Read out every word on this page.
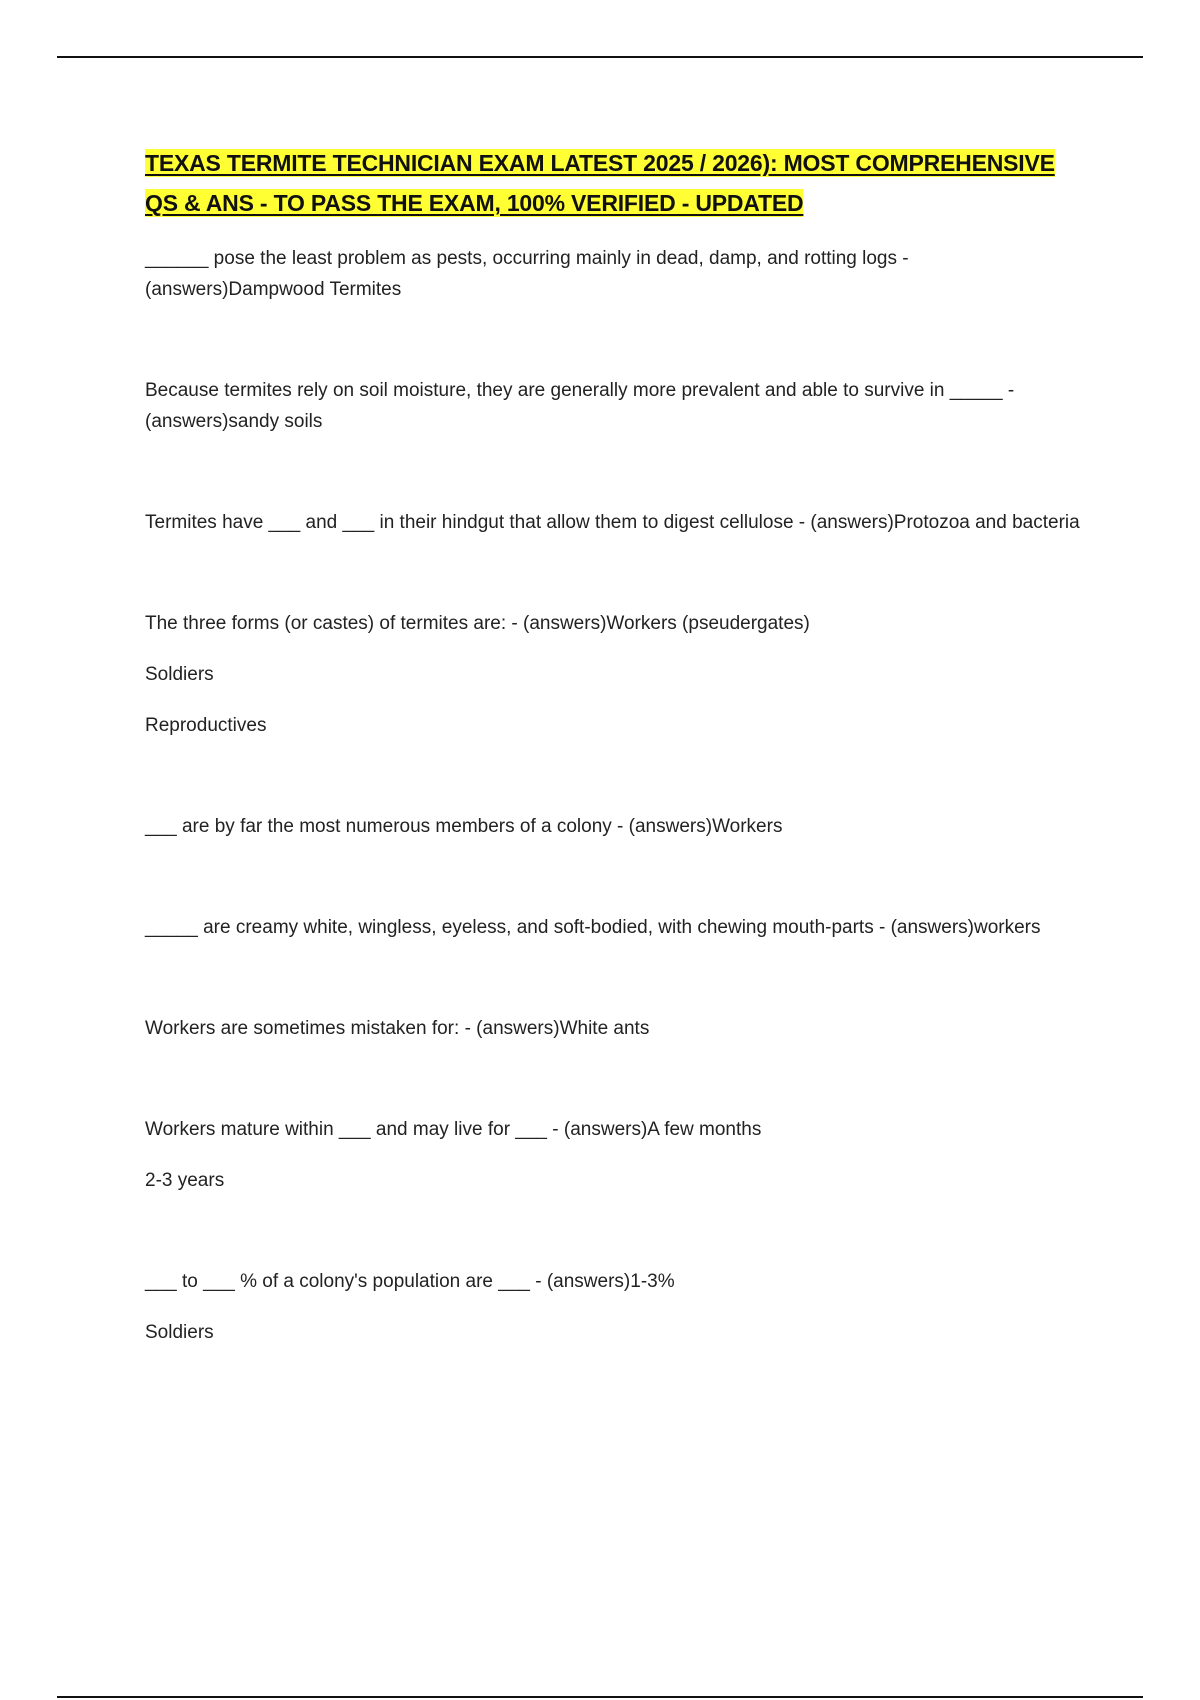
TEXAS TERMITE TECHNICIAN EXAM LATEST 2025 / 2026): MOST COMPREHENSIVE QS & ANS - TO PASS THE EXAM, 100% VERIFIED - UPDATED

______ pose the least problem as pests, occurring mainly in dead, damp, and rotting logs - (answers)Dampwood Termites

Because termites rely on soil moisture, they are generally more prevalent and able to survive in _____ - (answers)sandy soils

Termites have ___ and ___ in their hindgut that allow them to digest cellulose - (answers)Protozoa and bacteria

The three forms (or castes) of termites are: - (answers)Workers (pseudergates)

Soldiers

Reproductives

___ are by far the most numerous members of a colony - (answers)Workers

_____ are creamy white, wingless, eyeless, and soft-bodied, with chewing mouth-parts - (answers)workers

Workers are sometimes mistaken for: - (answers)White ants

Workers mature within ___ and may live for ___ - (answers)A few months

2-3 years

___ to ___ % of a colony's population are ___ - (answers)1-3%

Soldiers
